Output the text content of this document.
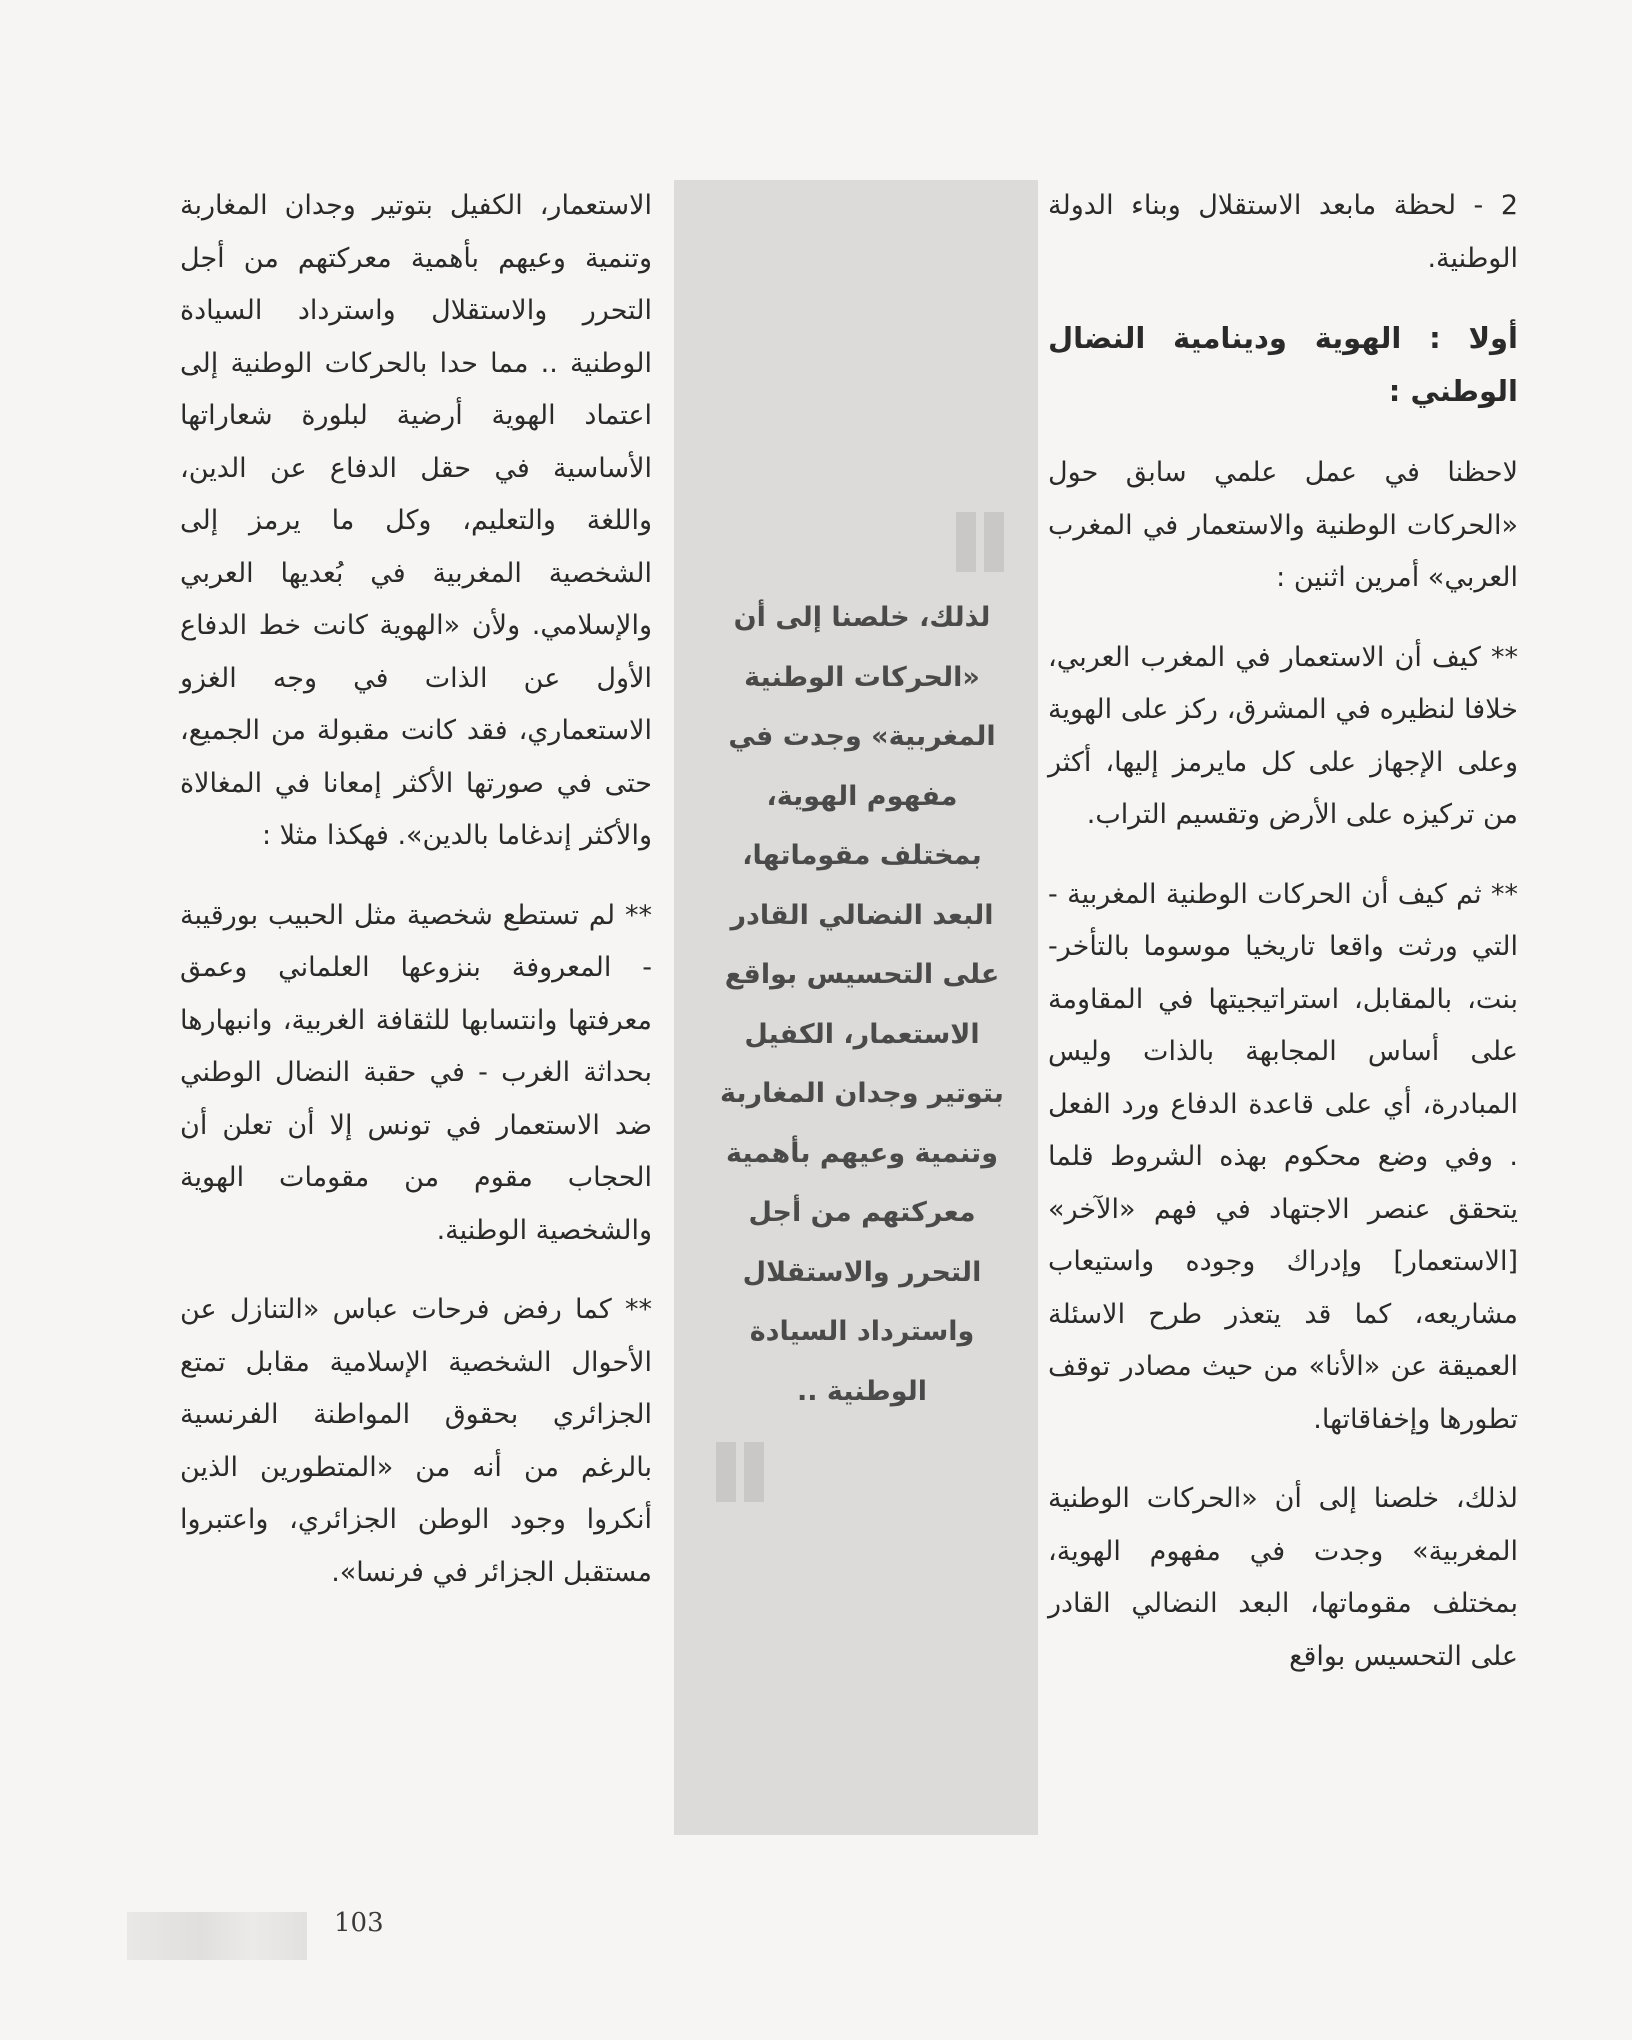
2 - لحظة مابعد الاستقلال وبناء الدولة الوطنية.

أولا : الهوية ودينامية النضال الوطني :

لاحظنا في عمل علمي سابق حول «الحركات الوطنية والاستعمار في المغرب العربي» أمرين اثنين :

** كيف أن الاستعمار في المغرب العربي، خلافا لنظيره في المشرق، ركز على الهوية وعلى الإجهاز على كل مايرمز إليها، أكثر من تركيزه على الأرض وتقسيم التراب.

** ثم كيف أن الحركات الوطنية المغربية - التي ورثت واقعا تاريخيا موسوما بالتأخر- بنت، بالمقابل، استراتيجيتها في المقاومة على أساس المجابهة بالذات وليس المبادرة، أي على قاعدة الدفاع ورد الفعل . وفي وضع محكوم بهذه الشروط قلما يتحقق عنصر الاجتهاد في فهم «الآخر» [الاستعمار] وإدراك وجوده واستيعاب مشاريعه، كما قد يتعذر طرح الاسئلة العميقة عن «الأنا» من حيث مصادر توقف تطورها وإخفاقاتها.

لذلك، خلصنا إلى أن «الحركات الوطنية المغربية» وجدت في مفهوم الهوية، بمختلف مقوماتها، البعد النضالي القادر على التحسيس بواقع

لذلك، خلصنا إلى أن «الحركات الوطنية المغربية» وجدت في مفهوم الهوية، بمختلف مقوماتها، البعد النضالي القادر على التحسيس بواقع الاستعمار، الكفيل بتوتير وجدان المغاربة وتنمية وعيهم بأهمية معركتهم من أجل التحرر والاستقلال واسترداد السيادة الوطنية ..

الاستعمار، الكفيل بتوتير وجدان المغاربة وتنمية وعيهم بأهمية معركتهم من أجل التحرر والاستقلال واسترداد السيادة الوطنية .. مما حدا بالحركات الوطنية إلى اعتماد الهوية أرضية لبلورة شعاراتها الأساسية في حقل الدفاع عن الدين، واللغة والتعليم، وكل ما يرمز إلى الشخصية المغربية في بُعديها العربي والإسلامي. ولأن «الهوية كانت خط الدفاع الأول عن الذات في وجه الغزو الاستعماري، فقد كانت مقبولة من الجميع، حتى في صورتها الأكثر إمعانا في المغالاة والأكثر إندغاما بالدين». فهكذا مثلا :

** لم تستطع شخصية مثل الحبيب بورقيبة - المعروفة بنزوعها العلماني وعمق معرفتها وانتسابها للثقافة الغربية، وانبهارها بحداثة الغرب - في حقبة النضال الوطني ضد الاستعمار في تونس إلا أن تعلن أن الحجاب مقوم من مقومات الهوية والشخصية الوطنية.

** كما رفض فرحات عباس «التنازل عن الأحوال الشخصية الإسلامية مقابل تمتع الجزائري بحقوق المواطنة الفرنسية بالرغم من أنه من «المتطورين الذين أنكروا وجود الوطن الجزائري، واعتبروا مستقبل الجزائر في فرنسا».

103
